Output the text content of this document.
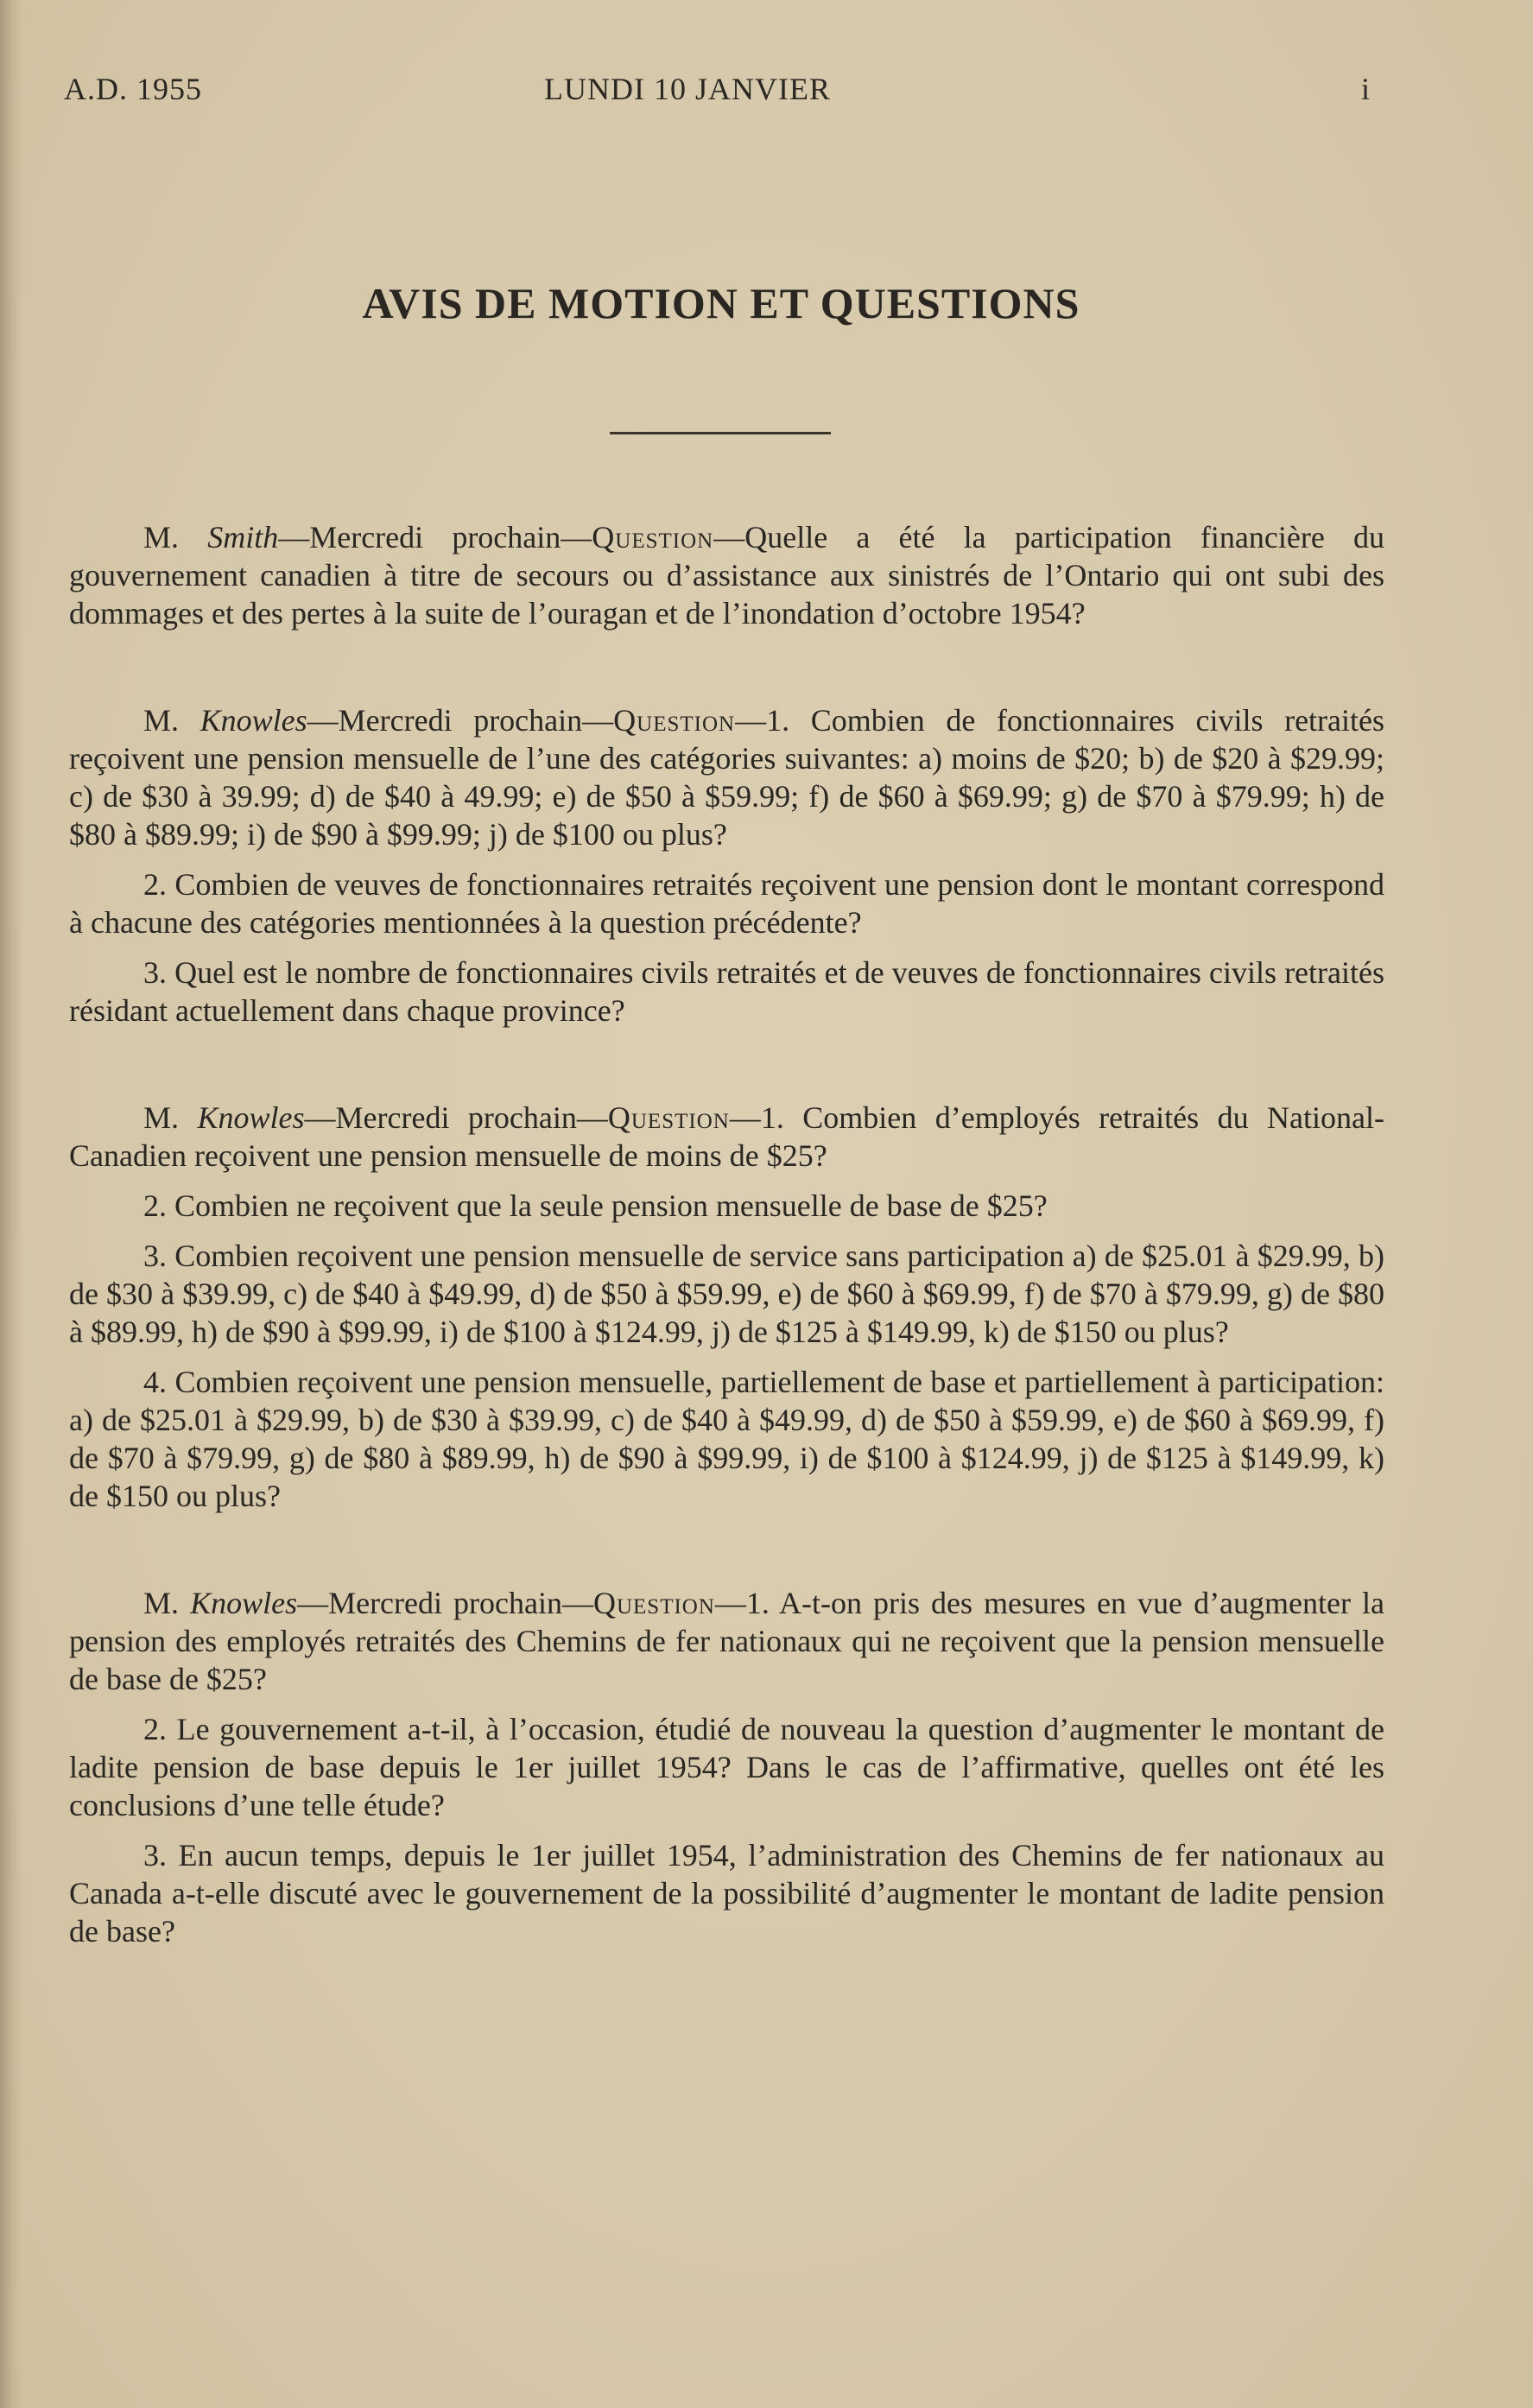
A.D. 1955	LUNDI 10 JANVIER	i
AVIS DE MOTION ET QUESTIONS

M. Smith—Mercredi prochain—Question—Quelle a été la participation financière du gouvernement canadien à titre de secours ou d’assistance aux sinistrés de l’Ontario qui ont subi des dommages et des pertes à la suite de l’ouragan et de l’inondation d’octobre 1954?

M. Knowles—Mercredi prochain—Question—1. Combien de fonctionnaires civils retraités reçoivent une pension mensuelle de l’une des catégories suivantes: a) moins de $20; b) de $20 à $29.99; c) de $30 à 39.99; d) de $40 à 49.99; e) de $50 à $59.99; f) de $60 à $69.99; g) de $70 à $79.99; h) de $80 à $89.99; i) de $90 à $99.99; j) de $100 ou plus?

2. Combien de veuves de fonctionnaires retraités reçoivent une pension dont le montant correspond à chacune des catégories mentionnées à la question précédente?

3. Quel est le nombre de fonctionnaires civils retraités et de veuves de fonctionnaires civils retraités résidant actuellement dans chaque province?

M. Knowles—Mercredi prochain—Question—1. Combien d’employés retraités du National-Canadien reçoivent une pension mensuelle de moins de $25?

2. Combien ne reçoivent que la seule pension mensuelle de base de $25?

3. Combien reçoivent une pension mensuelle de service sans participation a) de $25.01 à $29.99, b) de $30 à $39.99, c) de $40 à $49.99, d) de $50 à $59.99, e) de $60 à $69.99, f) de $70 à $79.99, g) de $80 à $89.99, h) de $90 à $99.99, i) de $100 à $124.99, j) de $125 à $149.99, k) de $150 ou plus?

4. Combien reçoivent une pension mensuelle, partiellement de base et partiellement à participation: a) de $25.01 à $29.99, b) de $30 à $39.99, c) de $40 à $49.99, d) de $50 à $59.99, e) de $60 à $69.99, f) de $70 à $79.99, g) de $80 à $89.99, h) de $90 à $99.99, i) de $100 à $124.99, j) de $125 à $149.99, k) de $150 ou plus?

M. Knowles—Mercredi prochain—Question—1. A-t-on pris des mesures en vue d’augmenter la pension des employés retraités des Chemins de fer nationaux qui ne reçoivent que la pension mensuelle de base de $25?

2. Le gouvernement a-t-il, à l’occasion, étudié de nouveau la question d’augmenter le montant de ladite pension de base depuis le 1er juillet 1954? Dans le cas de l’affirmative, quelles ont été les conclusions d’une telle étude?

3. En aucun temps, depuis le 1er juillet 1954, l’administration des Chemins de fer nationaux au Canada a-t-elle discuté avec le gouvernement de la possibilité d’augmenter le montant de ladite pension de base?
